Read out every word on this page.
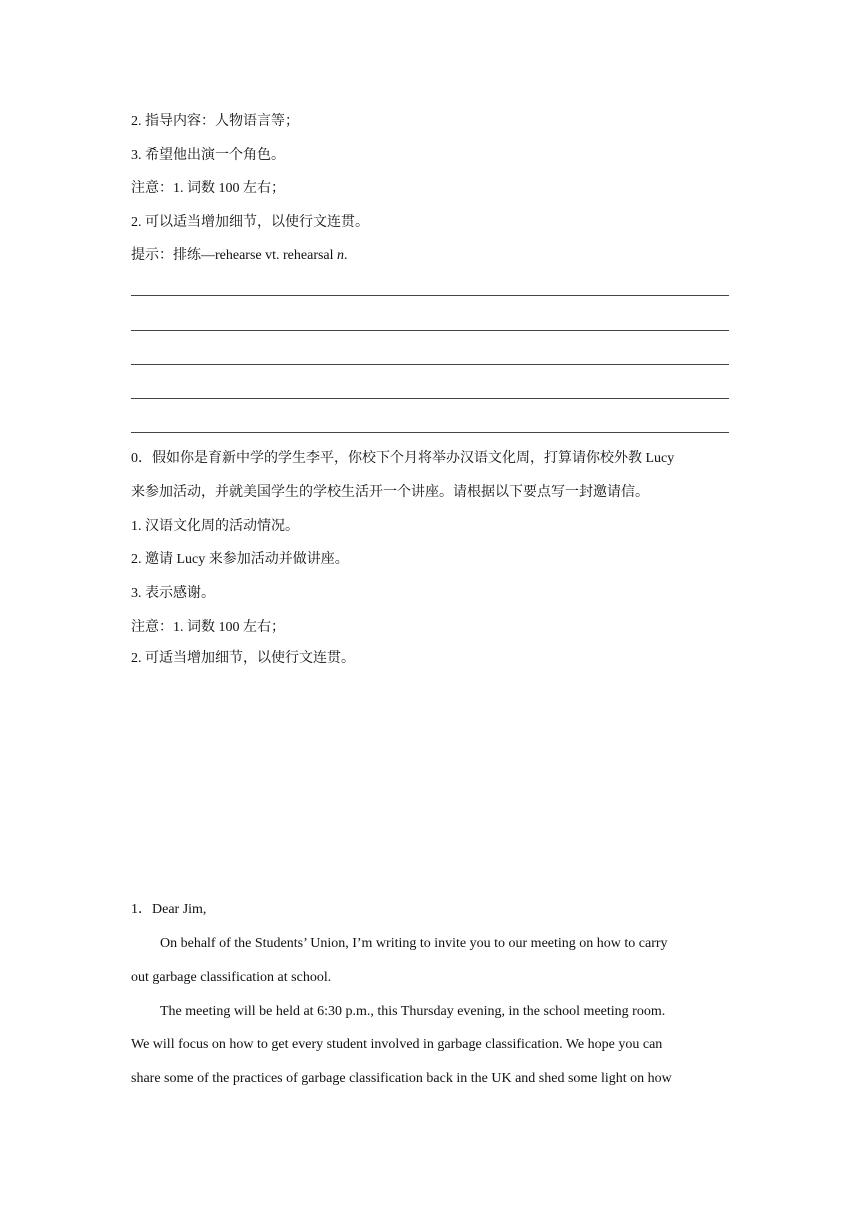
2. 指导内容：人物语言等；
3. 希望他出演一个角色。
注意：1. 词数 100 左右；
2. 可以适当增加细节，以使行文连贯。
提示：排练—rehearse vt. rehearsal n.
0．假如你是育新中学的学生李平，你校下个月将举办汉语文化周，打算请你校外教 Lucy
来参加活动，并就美国学生的学校生活开一个讲座。请根据以下要点写一封邀请信。
1. 汉语文化周的活动情况。
2. 邀请 Lucy 来参加活动并做讲座。
3. 表示感谢。
注意：1. 词数 100 左右；
2. 可适当增加细节，以使行文连贯。
1．Dear Jim,
On behalf of the Students’ Union, I’m writing to invite you to our meeting on how to carry
out garbage classification at school.
The meeting will be held at 6:30 p.m., this Thursday evening, in the school meeting room.
We will focus on how to get every student involved in garbage classification. We hope you can
share some of the practices of garbage classification back in the UK and shed some light on how
